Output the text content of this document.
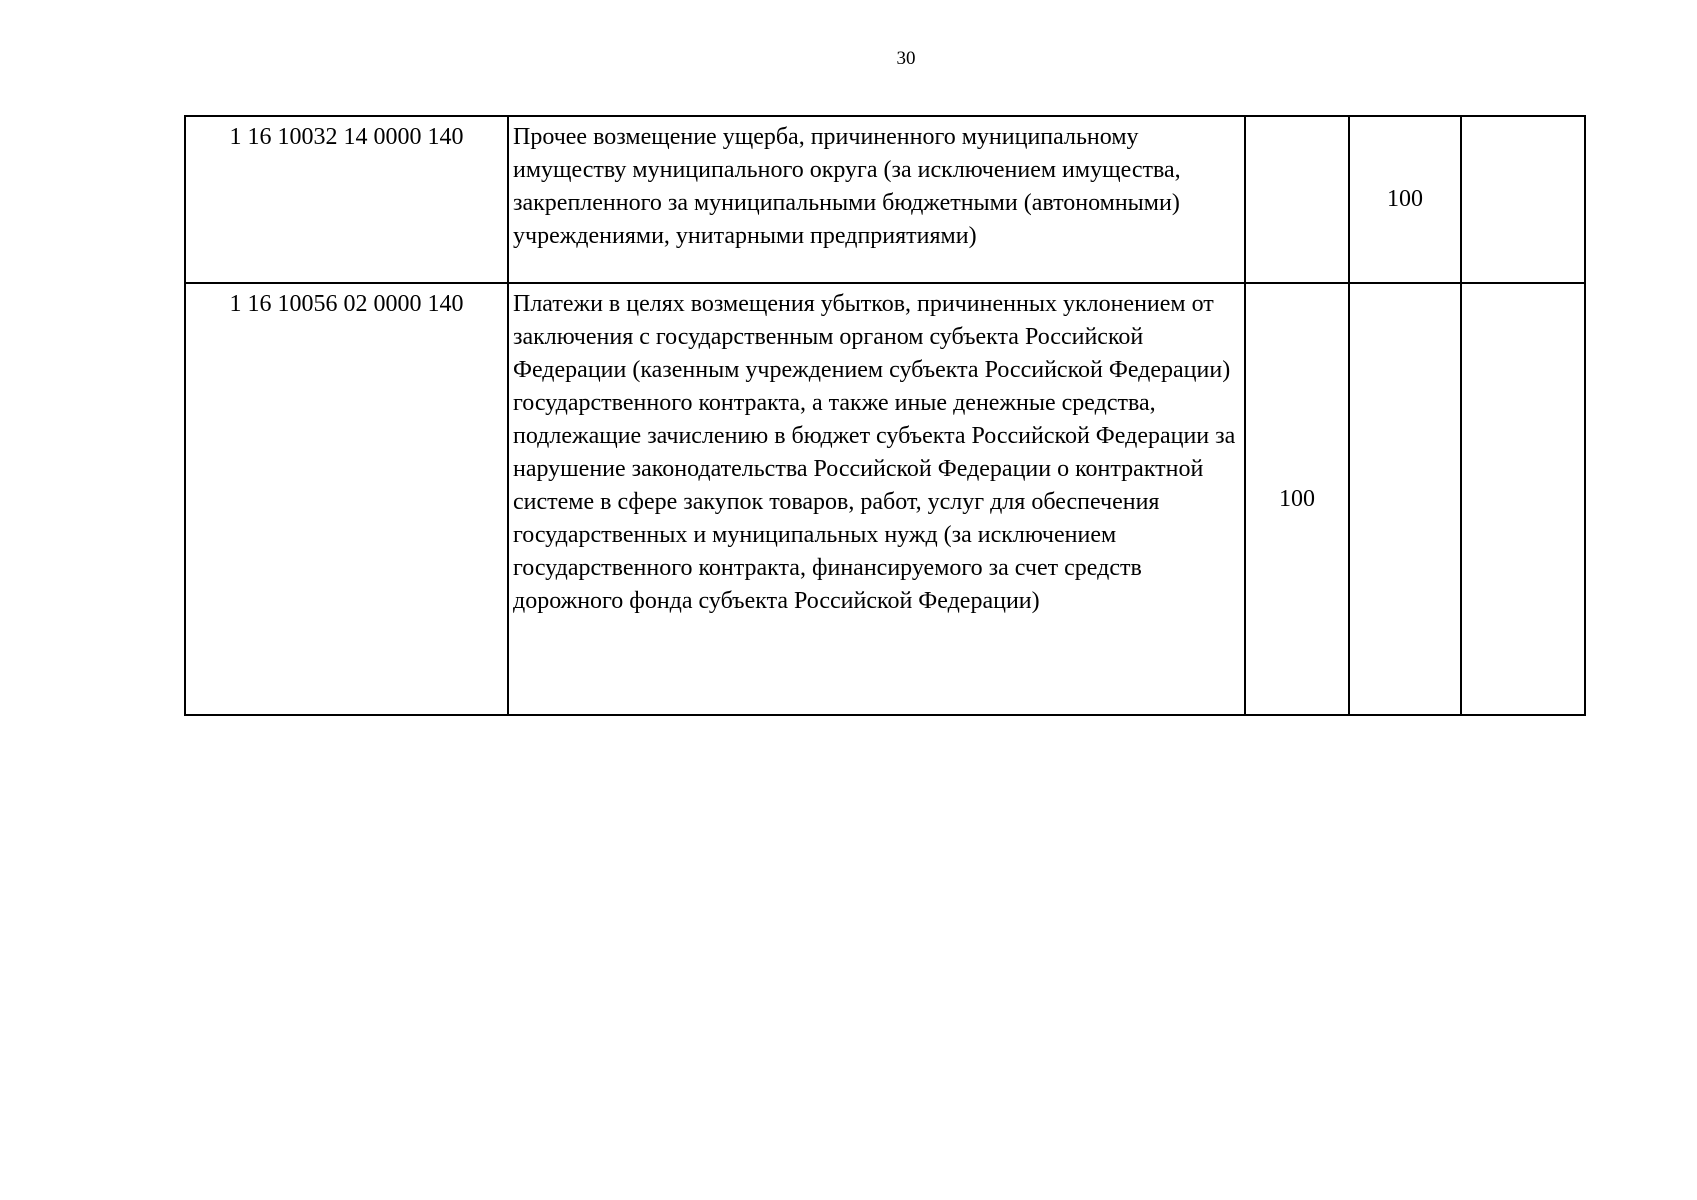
30
1 16 10032 14 0000 140	Прочее возмещение ущерба, причиненного муниципальному имуществу муниципального округа (за исключением имущества, закрепленного за муниципальными бюджетными (автономными) учреждениями, унитарными предприятиями)		100	
1 16 10056 02 0000 140	Платежи в целях возмещения убытков, причиненных уклонением от заключения с государственным органом субъекта Российской Федерации (казенным учреждением субъекта Российской Федерации) государственного контракта, а также иные денежные средства, подлежащие зачислению в бюджет субъекта Российской Федерации за нарушение законодательства Российской Федерации о контрактной системе в сфере закупок товаров, работ, услуг для обеспечения государственных и муниципальных нужд (за исключением государственного контракта, финансируемого за счет средств дорожного фонда субъекта Российской Федерации)	100		
